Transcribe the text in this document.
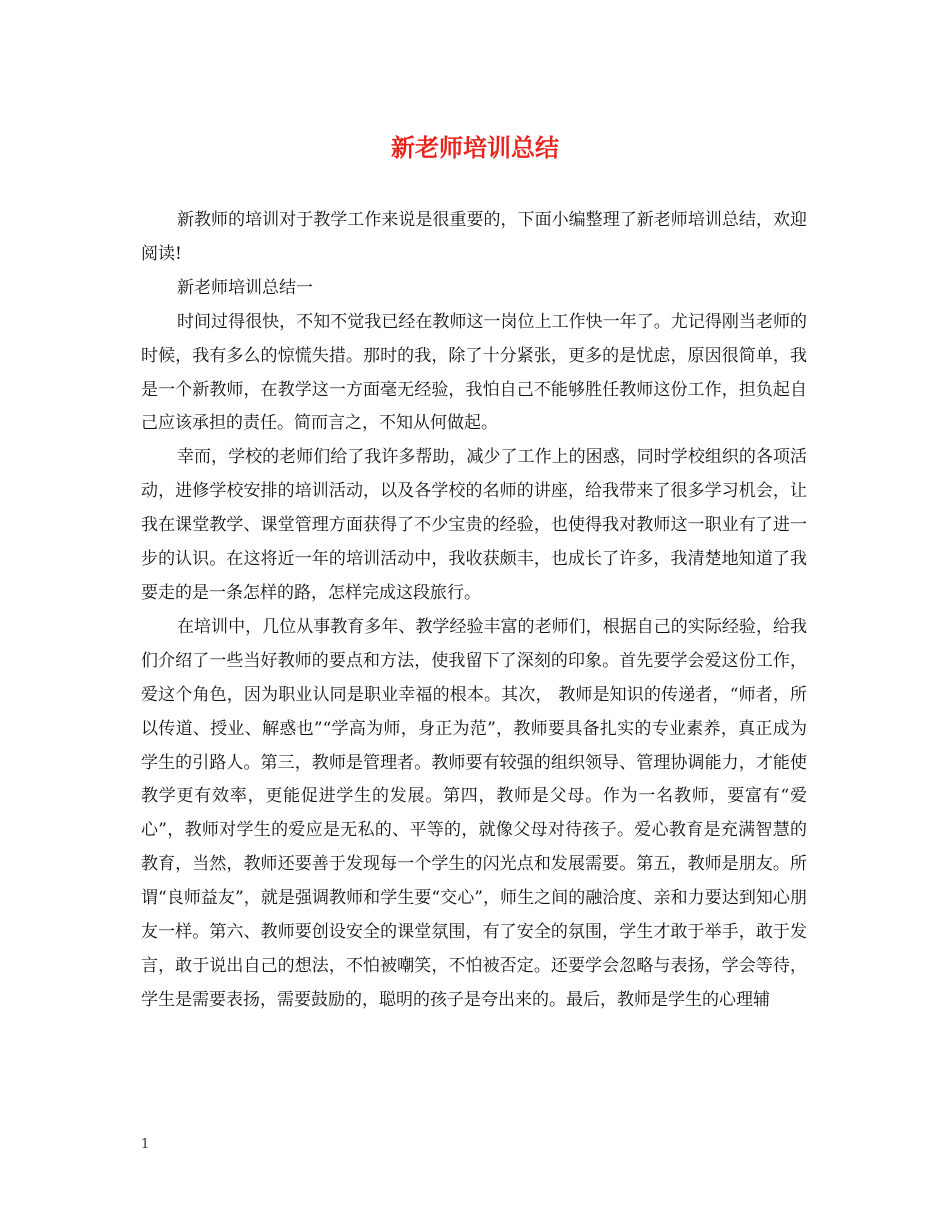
新老师培训总结

新教师的培训对于教学工作来说是很重要的，下面小编整理了新老师培训总结，欢迎阅读!

新老师培训总结一

时间过得很快，不知不觉我已经在教师这一岗位上工作快一年了。尤记得刚当老师的时候，我有多么的惊慌失措。那时的我，除了十分紧张，更多的是忧虑，原因很简单，我是一个新教师，在教学这一方面毫无经验，我怕自己不能够胜任教师这份工作，担负起自己应该承担的责任。简而言之，不知从何做起。

幸而，学校的老师们给了我许多帮助，减少了工作上的困惑，同时学校组织的各项活动，进修学校安排的培训活动，以及各学校的名师的讲座，给我带来了很多学习机会，让我在课堂教学、课堂管理方面获得了不少宝贵的经验，也使得我对教师这一职业有了进一步的认识。在这将近一年的培训活动中，我收获颇丰，也成长了许多，我清楚地知道了我要走的是一条怎样的路，怎样完成这段旅行。

在培训中，几位从事教育多年、教学经验丰富的老师们，根据自己的实际经验，给我们介绍了一些当好教师的要点和方法，使我留下了深刻的印象。首先要学会爱这份工作，爱这个角色，因为职业认同是职业幸福的根本。其次， 教师是知识的传递者，“师者，所以传道、授业、解惑也”“学高为师，身正为范”，教师要具备扎实的专业素养，真正成为学生的引路人。第三，教师是管理者。教师要有较强的组织领导、管理协调能力，才能使教学更有效率，更能促进学生的发展。第四，教师是父母。作为一名教师，要富有“爱心”，教师对学生的爱应是无私的、平等的，就像父母对待孩子。爱心教育是充满智慧的教育，当然，教师还要善于发现每一个学生的闪光点和发展需要。第五，教师是朋友。所谓“良师益友”，就是强调教师和学生要“交心”，师生之间的融洽度、亲和力要达到知心朋友一样。第六、教师要创设安全的课堂氛围，有了安全的氛围，学生才敢于举手，敢于发言，敢于说出自己的想法，不怕被嘲笑，不怕被否定。还要学会忽略与表扬，学会等待，学生是需要表扬，需要鼓励的，聪明的孩子是夸出来的。最后，教师是学生的心理辅

1
